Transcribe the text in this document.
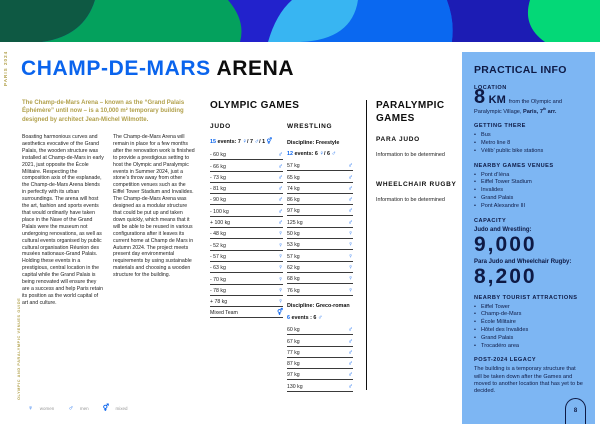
PARIS 2024
OLYMPIC AND PARALYMPIC VENUES GUIDE
CHAMP-DE-MARS ARENA
The Champ-de-Mars Arena – known as the “Grand Palais Éphémère” until now – is a 10,000 m² temporary building designed by architect Jean-Michel Wilmotte.
Boasting harmonious curves and aesthetics evocative of the Grand Palais, the wooden structure was installed at Champ-de-Mars in early 2021, just opposite the École Militaire. Respecting the composition axis of the esplanade, the Champ-de-Mars Arena blends in perfectly with its urban surroundings. The arena will host the art, fashion and sports events that would ordinarily have taken place in the Nave of the Grand Palais were the museum not undergoing renovations, as well as cultural events organised by public cultural organisation Réunion des musées nationaux-Grand Palais. Holding these events in a prestigious, central location in the capital while the Grand Palais is being renovated will ensure they are a success and help Paris retain its position as the world capital of art and culture.
The Champ-de-Mars Arena will remain in place for a few months after the renovation work is finished to provide a prestigious setting to host the Olympic and Paralympic events in Summer 2024, just a stone’s throw away from other competition venues such as the Eiffel Tower Stadium and Invalides. The Champ-de-Mars Arena was designed as a modular structure that could be put up and taken down quickly, which means that it will be able to be reused in various configurations after it leaves its current home at Champ de Mars in Autumn 2024. The project meets present day environmental requirements by using sustainable materials and choosing a wooden structure for the building.
OLYMPIC GAMES
JUDO
15 events: 7 ♀/ 7 ♂/ 1 ⚥
- 60 kg	♂
- 66 kg	♂
- 73 kg	♂
- 81 kg	♂
- 90 kg	♂
- 100 kg	♂
+ 100 kg	♂
- 48 kg	♀
- 52 kg	♀
- 57 kg	♀
- 63 kg	♀
- 70 kg	♀
- 78 kg	♀
+ 78 kg	♀
Mixed Team	⚥
WRESTLING
Discipline: Freestyle
12 events: 6 ♀/ 6 ♂
57 kg	♂
65 kg	♂
74 kg	♂
86 kg	♂
97 kg	♂
125 kg	♂
50 kg	♀
53 kg	♀
57 kg	♀
62 kg	♀
68 kg	♀
76 kg	♀
Discipline: Greco-roman
6 events : 6 ♂
60 kg	♂
67 kg	♂
77 kg	♂
87 kg	♂
97 kg	♂
130 kg	♂
PARALYMPIC GAMES
PARA JUDO
Information to be determined
WHEELCHAIR RUGBY
Information to be determined
♀ women ♂ men ⚥ mixed
PRACTICAL INFO
LOCATION
8 KM from the Olympic and Paralympic Village, Paris, 7th arr.
GETTING THERE
• Bus
• Metro line 8
• Vélib’ public bike stations
NEARBY GAMES VENUES
• Pont d’Iéna
• Eiffel Tower Stadium
• Invalides
• Grand Palais
• Pont Alexandre III
CAPACITY
Judo and Wrestling:
9,000
Para Judo and Wheelchair Rugby:
8,200
NEARBY TOURIST ATTRACTIONS
• Eiffel Tower
• Champ-de-Mars
• École Militaire
• Hôtel des Invalides
• Grand Palais
• Trocadéro area
POST-2024 LEGACY
The building is a temporary structure that will be taken down after the Games and moved to another location that has yet to be decided.
8
